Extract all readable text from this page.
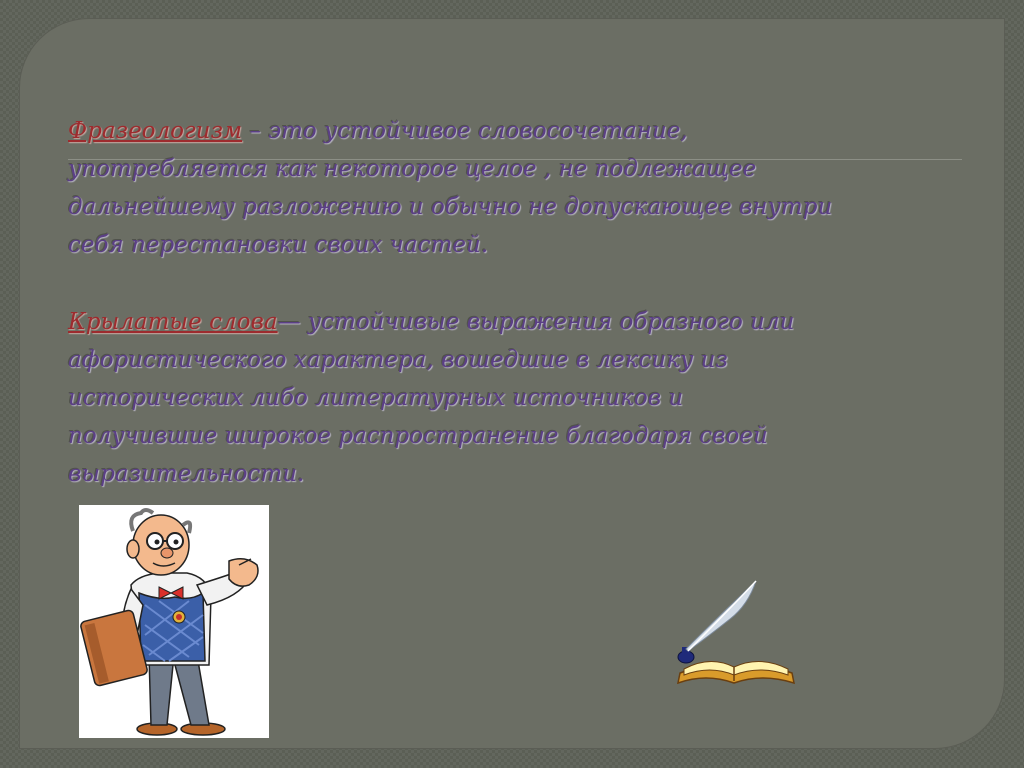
Фразеологизм – это устойчивое словосочетание,
употребляется как некоторое целое , не подлежащее
дальнейшему разложению и обычно не допускающее внутри
себя перестановки своих частей.
Крылатые слова— устойчивые выражения образного или
афористического характера, вошедшие в лексику из
исторических либо литературных источников и
получившие широкое распространение благодаря своей
выразительности.
